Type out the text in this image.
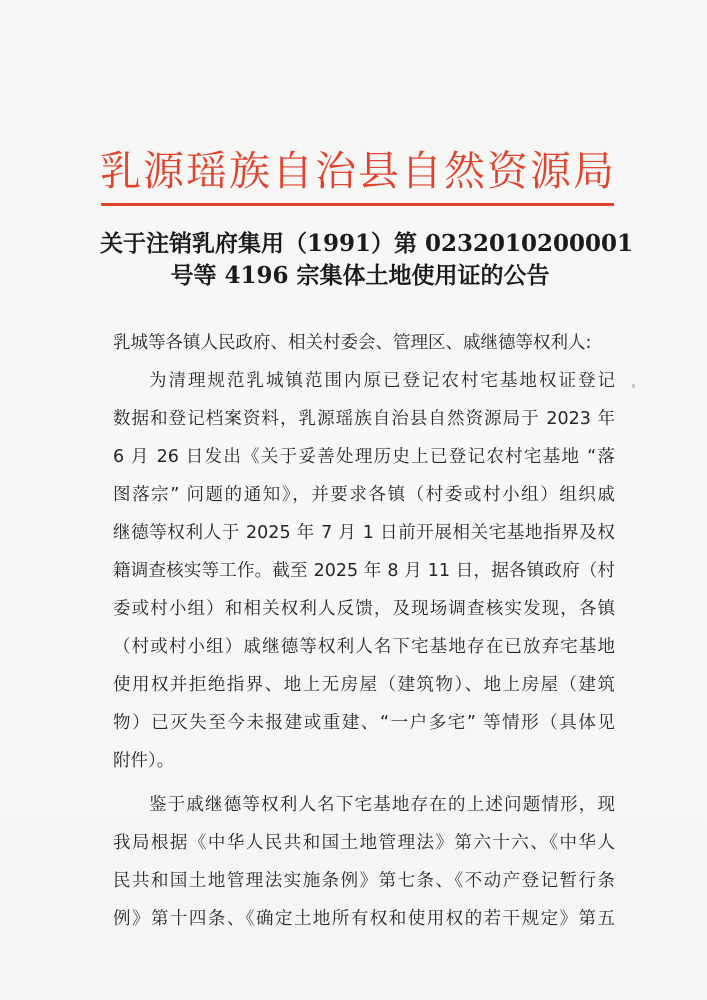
乳源瑶族自治县自然资源局
关于注销乳府集用（1991）第 0232010200001
号等 4196 宗集体土地使用证的公告
乳城等各镇人民政府、相关村委会、管理区、戚继德等权利人:
为清理规范乳城镇范围内原已登记农村宅基地权证登记
数据和登记档案资料，乳源瑶族自治县自然资源局于 2023 年
6 月 26 日发出《关于妥善处理历史上已登记农村宅基地 “落
图落宗” 问题的通知》，并要求各镇（村委或村小组）组织戚
继德等权利人于 2025 年 7 月 1 日前开展相关宅基地指界及权
籍调查核实等工作。截至 2025 年 8 月 11 日，据各镇政府（村
委或村小组）和相关权利人反馈，及现场调查核实发现，各镇
（村或村小组）戚继德等权利人名下宅基地存在已放弃宅基地
使用权并拒绝指界、地上无房屋（建筑物）、地上房屋（建筑
物）已灭失至今未报建或重建、“一户多宅” 等情形（具体见
附件）。
鉴于戚继德等权利人名下宅基地存在的上述问题情形，现
我局根据《中华人民共和国土地管理法》第六十六、《中华人
民共和国土地管理法实施条例》第七条、《不动产登记暂行条
例》第十四条、《确定土地所有权和使用权的若干规定》第五
